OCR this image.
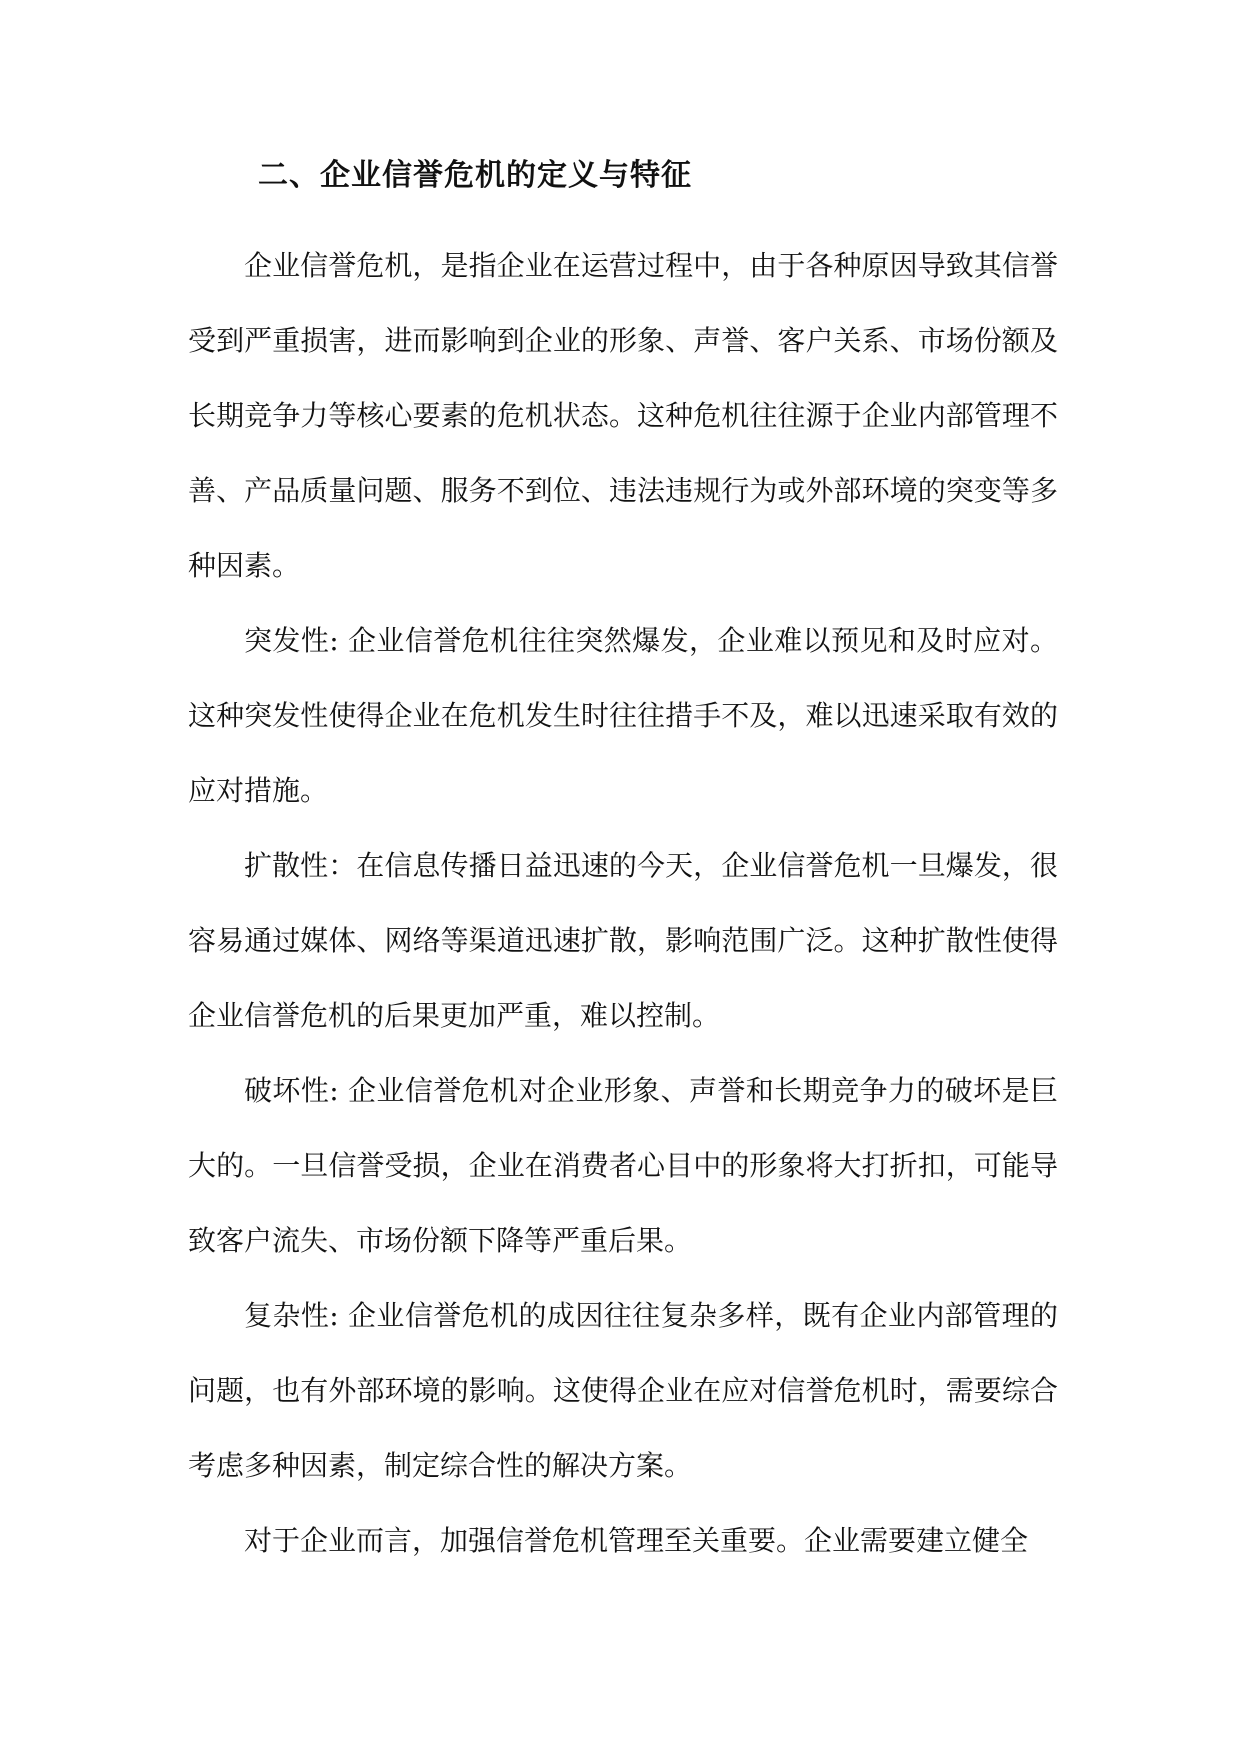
二、企业信誉危机的定义与特征

企业信誉危机，是指企业在运营过程中，由于各种原因导致其信誉受到严重损害，进而影响到企业的形象、声誉、客户关系、市场份额及长期竞争力等核心要素的危机状态。这种危机往往源于企业内部管理不善、产品质量问题、服务不到位、违法违规行为或外部环境的突变等多种因素。

突发性: 企业信誉危机往往突然爆发，企业难以预见和及时应对。这种突发性使得企业在危机发生时往往措手不及，难以迅速采取有效的应对措施。

扩散性：在信息传播日益迅速的今天，企业信誉危机一旦爆发，很容易通过媒体、网络等渠道迅速扩散，影响范围广泛。这种扩散性使得企业信誉危机的后果更加严重，难以控制。

破坏性: 企业信誉危机对企业形象、声誉和长期竞争力的破坏是巨大的。一旦信誉受损，企业在消费者心目中的形象将大打折扣，可能导致客户流失、市场份额下降等严重后果。

复杂性: 企业信誉危机的成因往往复杂多样，既有企业内部管理的问题，也有外部环境的影响。这使得企业在应对信誉危机时，需要综合考虑多种因素，制定综合性的解决方案。

对于企业而言，加强信誉危机管理至关重要。企业需要建立健全
